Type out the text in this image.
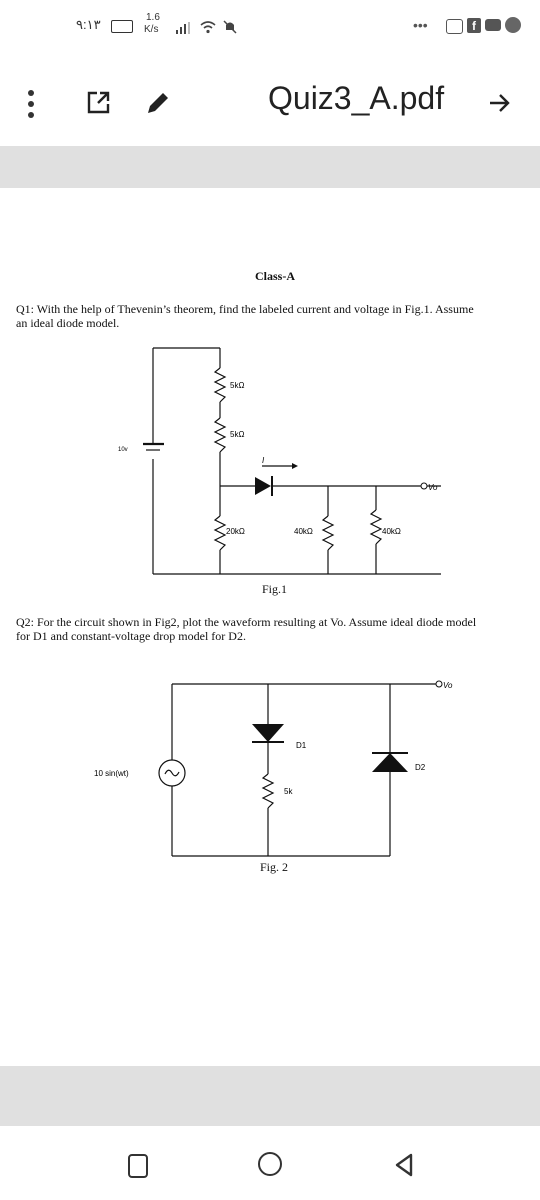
٩:١٣	1.6
K/s	•••	f
Quiz3_A.pdf
Class-A
Q1: With the help of Thevenin’s theorem, find the labeled current and voltage in Fig.1. Assume
an ideal diode model.
5kΩ
5kΩ
10v
I
Vo
20kΩ	40kΩ	40kΩ
Fig.1
Q2: For the circuit shown in Fig2, plot the waveform resulting at Vo. Assume ideal diode model
for D1 and constant-voltage drop model for D2.
Vo
D1
D2
10 sin(wt)
5k
Fig. 2
